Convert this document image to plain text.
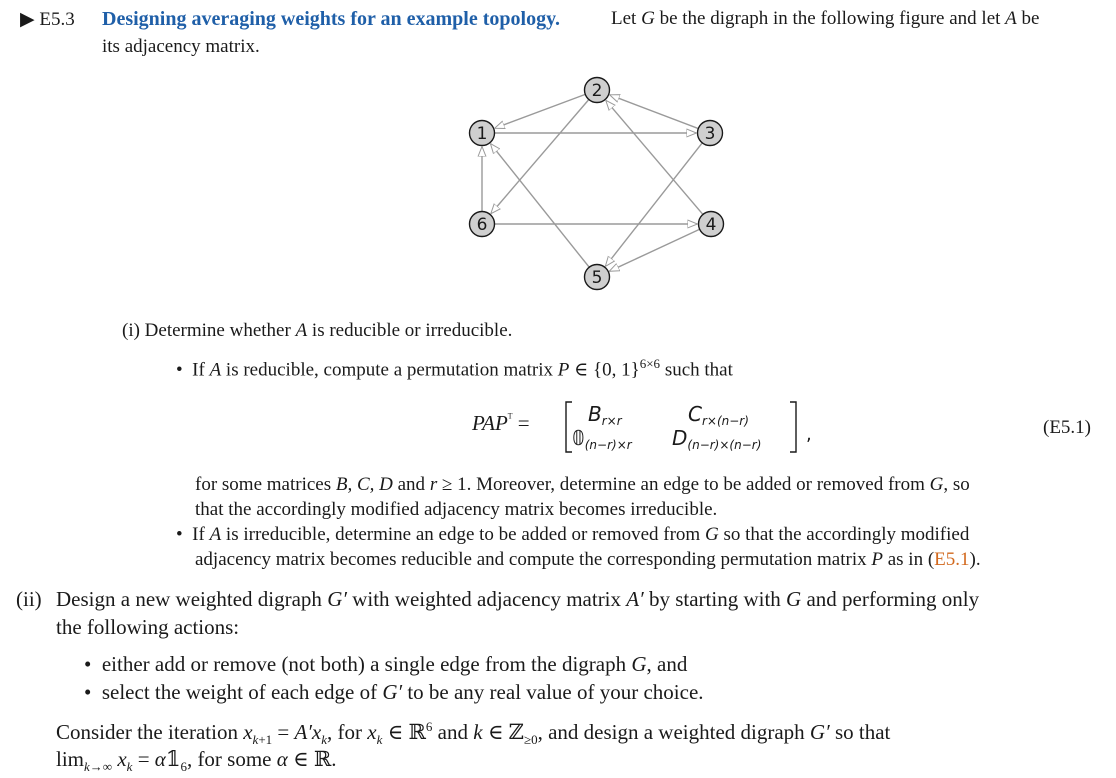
▶ E5.3 Designing averaging weights for an example topology.	Let G be the digraph in the following figure and let A be
its adjacency matrix.
1
2
3
4
5
6
(i) Determine whether A is reducible or irreducible.
•  If A is reducible, compute a permutation matrix P ∈ {0, 1}$^{6\times 6}$ such that
$PAP^ᵀ$ =	$B_{r\times r}$	$C_{r\times(n-r)}$
$𝟘_{(n-r)\times r}$ $D_{(n-r)\times(n-r)}$ ,	(E5.1)
for some matrices B, C, D and r ≥ 1. Moreover, determine an edge to be added or removed from G, so
that the accordingly modified adjacency matrix becomes irreducible.
•  If A is irreducible, determine an edge to be added or removed from G so that the accordingly modified
adjacency matrix becomes reducible and compute the corresponding permutation matrix P as in (E5.1).
(ii) Design a new weighted digraph G′ with weighted adjacency matrix A′ by starting with G and performing only
the following actions:
•  either add or remove (not both) a single edge from the digraph G, and
•  select the weight of each edge of G′ to be any real value of your choice.
Consider the iteration $x_{k+1} = A'x_k$, for $x_k$ ∈ ℝ$^6$ and k ∈ ℤ$_{\ge 0}$, and design a weighted digraph G′ so that
$\lim_{k\to\infty} x_k$ = $\alpha 𝟙_6$, for some α ∈ ℝ.
